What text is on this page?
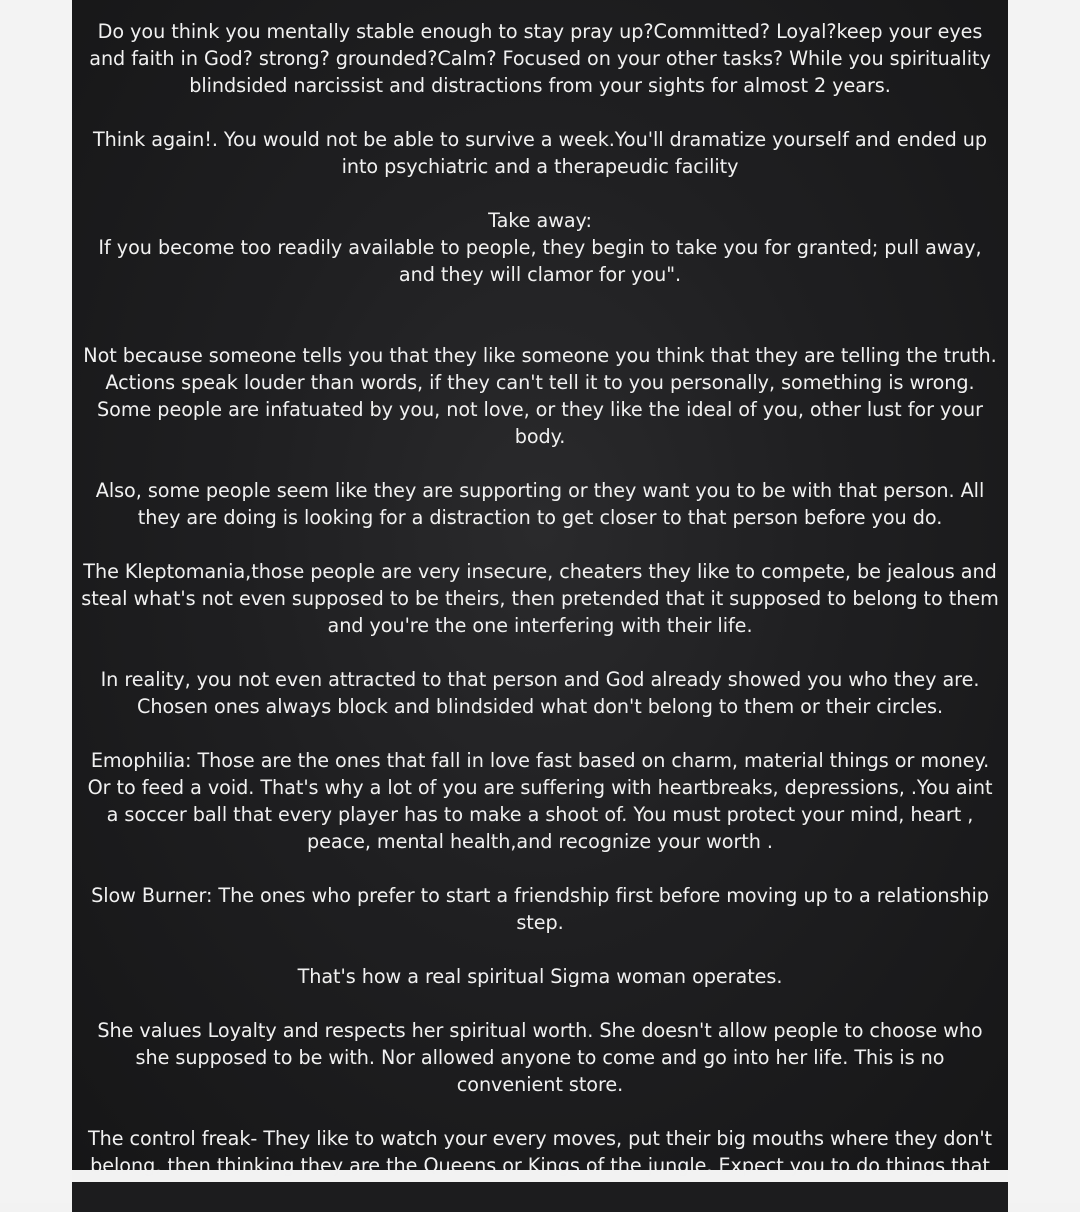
Do you think you mentally stable enough to stay pray up?Committed? Loyal?keep your eyes and faith in God? strong? grounded?Calm? Focused on your other tasks? While you spirituality blindsided narcissist and distractions from your sights for almost 2 years.

Think again!. You would not be able to survive a week.You'll dramatize yourself and ended up into psychiatric and a therapeudic facility

Take away:

If you become too readily available to people, they begin to take you for granted; pull away, and they will clamor for you".

Not because someone tells you that they like someone you think that they are telling the truth. Actions speak louder than words, if they can't tell it to you personally, something is wrong. Some people are infatuated by you, not love, or they like the ideal of you, other lust for your body.

Also, some people seem like they are supporting or they want you to be with that person. All they are doing is looking for a distraction to get closer to that person before you do.

The Kleptomania,those people are very insecure, cheaters they like to compete, be jealous and steal what's not even supposed to be theirs, then pretended that it supposed to belong to them and you're the one interfering with their life.

In reality, you not even attracted to that person and God already showed you who they are. Chosen ones always block and blindsided what don't belong to them or their circles.

Emophilia: Those are the ones that fall in love fast based on charm, material things or money. Or to feed a void. That's why a lot of you are suffering with heartbreaks, depressions, .You aint a soccer ball that every player has to make a shoot of. You must protect your mind, heart , peace, mental health,and recognize your worth .

Slow Burner: The ones who prefer to start a friendship first before moving up to a relationship step.

That's how a real spiritual Sigma woman operates.

She values Loyalty and respects her spiritual worth. She doesn't allow people to choose who she supposed to be with. Nor allowed anyone to come and go into her life. This is no convenient store.

The control freak- They like to watch your every moves, put their big mouths where they don't belong, then thinking they are the Queens or Kings of the jungle. Expect you to do things that
